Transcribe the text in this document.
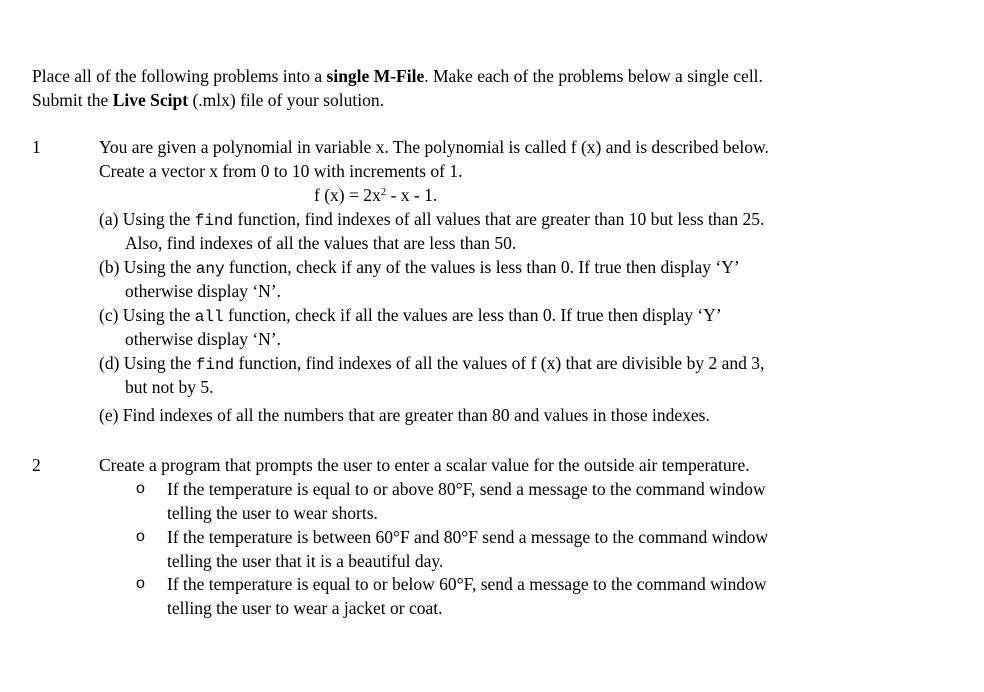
Place all of the following problems into a single M-File. Make each of the problems below a single cell.
Submit the Live Scipt (.mlx) file of your solution.
1	You are given a polynomial in variable x. The polynomial is called f (x) and is described below.
Create a vector x from 0 to 10 with increments of 1.
f $(x) = 2x^2 - x - 1$.
(a) Using the find function, find indexes of all values that are greater than 10 but less than 25.
Also, find indexes of all the values that are less than 50.
(b) Using the any function, check if any of the values is less than 0. If true then display ‘Y’
otherwise display ‘N’.
(c) Using the all function, check if all the values are less than 0. If true then display ‘Y’
otherwise display ‘N’.
(d) Using the find function, find indexes of all the values of f (x) that are divisible by 2 and 3,
but not by 5.
(e) Find indexes of all the numbers that are greater than 80 and values in those indexes.
2	Create a program that prompts the user to enter a scalar value for the outside air temperature.
o If the temperature is equal to or above 80°F, send a message to the command window
telling the user to wear shorts.
o If the temperature is between 60°F and 80°F send a message to the command window
telling the user that it is a beautiful day.
o If the temperature is equal to or below 60°F, send a message to the command window
telling the user to wear a jacket or coat.
